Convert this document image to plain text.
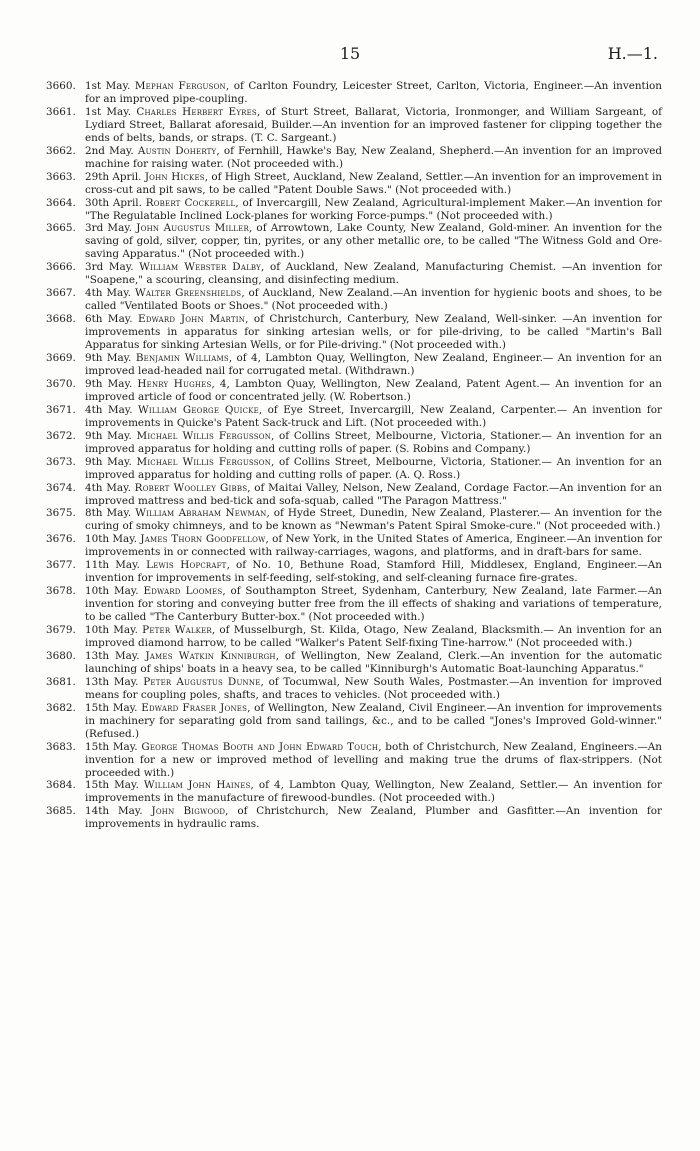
15	H.—1.

3660. 1st May. Mephan Ferguson, of Carlton Foundry, Leicester Street, Carlton, Victoria, Engineer.—An invention for an improved pipe-coupling.

3661. 1st May. Charles Herbert Eyres, of Sturt Street, Ballarat, Victoria, Ironmonger, and William Sargeant, of Lydiard Street, Ballarat aforesaid, Builder.—An invention for an improved fastener for clipping together the ends of belts, bands, or straps. (T. C. Sargeant.)

3662. 2nd May. Austin Doherty, of Fernhill, Hawke's Bay, New Zealand, Shepherd.—An invention for an improved machine for raising water. (Not proceeded with.)

3663. 29th April. John Hickes, of High Street, Auckland, New Zealand, Settler.—An invention for an improvement in cross-cut and pit saws, to be called "Patent Double Saws." (Not proceeded with.)

3664. 30th April. Robert Cockerell, of Invercargill, New Zealand, Agricultural-implement Maker.—An invention for "The Regulatable Inclined Lock-planes for working Force-pumps." (Not proceeded with.)

3665. 3rd May. John Augustus Miller, of Arrowtown, Lake County, New Zealand, Gold-miner. An invention for the saving of gold, silver, copper, tin, pyrites, or any other metallic ore, to be called "The Witness Gold and Ore-saving Apparatus." (Not proceeded with.)

3666. 3rd May. William Webster Dalby, of Auckland, New Zealand, Manufacturing Chemist. —An invention for "Soapene," a scouring, cleansing, and disinfecting medium.

3667. 4th May. Walter Greenshields, of Auckland, New Zealand.—An invention for hygienic boots and shoes, to be called "Ventilated Boots or Shoes." (Not proceeded with.)

3668. 6th May. Edward John Martin, of Christchurch, Canterbury, New Zealand, Well-sinker. —An invention for improvements in apparatus for sinking artesian wells, or for pile-driving, to be called "Martin's Ball Apparatus for sinking Artesian Wells, or for Pile-driving." (Not proceeded with.)

3669. 9th May. Benjamin Williams, of 4, Lambton Quay, Wellington, New Zealand, Engineer.— An invention for an improved lead-headed nail for corrugated metal. (Withdrawn.)

3670. 9th May. Henry Hughes, 4, Lambton Quay, Wellington, New Zealand, Patent Agent.— An invention for an improved article of food or concentrated jelly. (W. Robertson.)

3671. 4th May. William George Quicke, of Eye Street, Invercargill, New Zealand, Carpenter.— An invention for improvements in Quicke's Patent Sack-truck and Lift. (Not proceeded with.)

3672. 9th May. Michael Willis Fergusson, of Collins Street, Melbourne, Victoria, Stationer.— An invention for an improved apparatus for holding and cutting rolls of paper. (S. Robins and Company.)

3673. 9th May. Michael Willis Fergusson, of Collins Street, Melbourne, Victoria, Stationer.— An invention for an improved apparatus for holding and cutting rolls of paper. (A. Q. Ross.)

3674. 4th May. Robert Woolley Gibbs, of Maitai Valley, Nelson, New Zealand, Cordage Factor.—An invention for an improved mattress and bed-tick and sofa-squab, called "The Paragon Mattress."

3675. 8th May. William Abraham Newman, of Hyde Street, Dunedin, New Zealand, Plasterer.— An invention for the curing of smoky chimneys, and to be known as "Newman's Patent Spiral Smoke-cure." (Not proceeded with.)

3676. 10th May. James Thorn Goodfellow, of New York, in the United States of America, Engineer.—An invention for improvements in or connected with railway-carriages, wagons, and platforms, and in draft-bars for same.

3677. 11th May. Lewis Hopcraft, of No. 10, Bethune Road, Stamford Hill, Middlesex, England, Engineer.—An invention for improvements in self-feeding, self-stoking, and self-cleaning furnace fire-grates.

3678. 10th May. Edward Loomes, of Southampton Street, Sydenham, Canterbury, New Zealand, late Farmer.—An invention for storing and conveying butter free from the ill effects of shaking and variations of temperature, to be called "The Canterbury Butter-box." (Not proceeded with.)

3679. 10th May. Peter Walker, of Musselburgh, St. Kilda, Otago, New Zealand, Blacksmith.— An invention for an improved diamond harrow, to be called "Walker's Patent Self-fixing Tine-harrow." (Not proceeded with.)

3680. 13th May. James Watkin Kinniburgh, of Wellington, New Zealand, Clerk.—An invention for the automatic launching of ships' boats in a heavy sea, to be called "Kinniburgh's Automatic Boat-launching Apparatus."

3681. 13th May. Peter Augustus Dunne, of Tocumwal, New South Wales, Postmaster.—An invention for improved means for coupling poles, shafts, and traces to vehicles. (Not proceeded with.)

3682. 15th May. Edward Fraser Jones, of Wellington, New Zealand, Civil Engineer.—An invention for improvements in machinery for separating gold from sand tailings, &c., and to be called "Jones's Improved Gold-winner." (Refused.)

3683. 15th May. George Thomas Booth and John Edward Touch, both of Christchurch, New Zealand, Engineers.—An invention for a new or improved method of levelling and making true the drums of flax-strippers. (Not proceeded with.)

3684. 15th May. William John Haines, of 4, Lambton Quay, Wellington, New Zealand, Settler.— An invention for improvements in the manufacture of firewood-bundles. (Not proceeded with.)

3685. 14th May. John Bigwood, of Christchurch, New Zealand, Plumber and Gasfitter.—An invention for improvements in hydraulic rams.
